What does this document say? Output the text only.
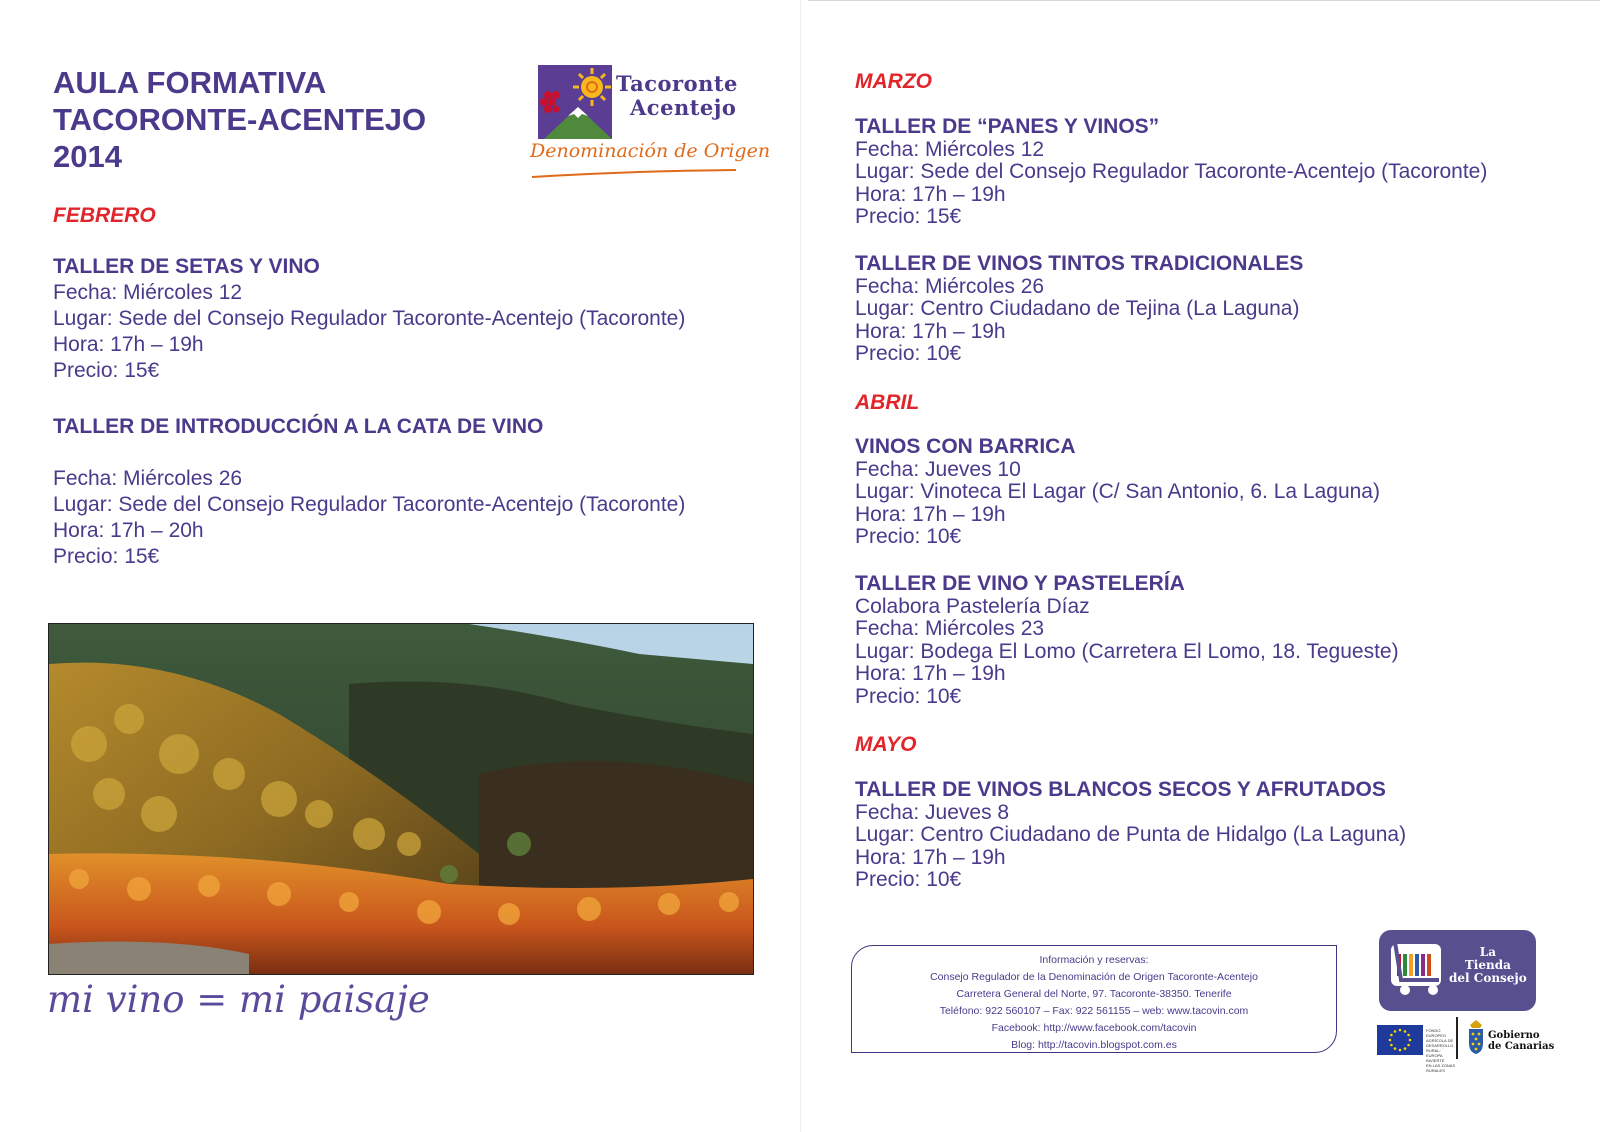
AULA FORMATIVA
TACORONTE-ACENTEJO
2014
Tacoronte
Acentejo
Denominación de Origen
FEBRERO
TALLER DE SETAS Y VINO
Fecha: Miércoles 12
Lugar: Sede del Consejo Regulador Tacoronte-Acentejo (Tacoronte)
Hora: 17h – 19h
Precio: 15€
TALLER DE INTRODUCCIÓN A LA CATA DE VINO
Fecha: Miércoles 26
Lugar: Sede del Consejo Regulador Tacoronte-Acentejo (Tacoronte)
Hora: 17h – 20h
Precio: 15€
mi vino = mi paisaje
MARZO
TALLER DE “PANES Y VINOS”
Fecha: Miércoles 12
Lugar: Sede del Consejo Regulador Tacoronte-Acentejo (Tacoronte)
Hora: 17h – 19h
Precio: 15€
TALLER DE VINOS TINTOS TRADICIONALES
Fecha: Miércoles 26
Lugar: Centro Ciudadano de Tejina (La Laguna)
Hora: 17h – 19h
Precio: 10€
ABRIL
VINOS CON BARRICA
Fecha: Jueves 10
Lugar: Vinoteca El Lagar (C/ San Antonio, 6. La Laguna)
Hora: 17h – 19h
Precio: 10€
TALLER DE VINO Y PASTELERÍA
Colabora Pastelería Díaz
Fecha: Miércoles 23
Lugar: Bodega El Lomo (Carretera El Lomo, 18. Tegueste)
Hora: 17h – 19h
Precio: 10€
MAYO
TALLER DE VINOS BLANCOS SECOS Y AFRUTADOS
Fecha: Jueves 8
Lugar: Centro Ciudadano de Punta de Hidalgo (La Laguna)
Hora: 17h – 19h
Precio: 10€
Información y reservas:
Consejo Regulador de la Denominación de Origen Tacoronte-Acentejo
Carretera General del Norte, 97. Tacoronte-38350. Tenerife
Teléfono: 922 560107 – Fax: 922 561155 – web: www.tacovin.com
Facebook: http://www.facebook.com/tacovin
Blog: http://tacovin.blogspot.com.es
La
Tienda
del Consejo
FONDO EUROPEO
AGRÍCOLA DE
DESARROLLO RURAL:
EUROPA INVIERTE
EN LAS ZONAS RURALES
Gobierno
de Canarias
